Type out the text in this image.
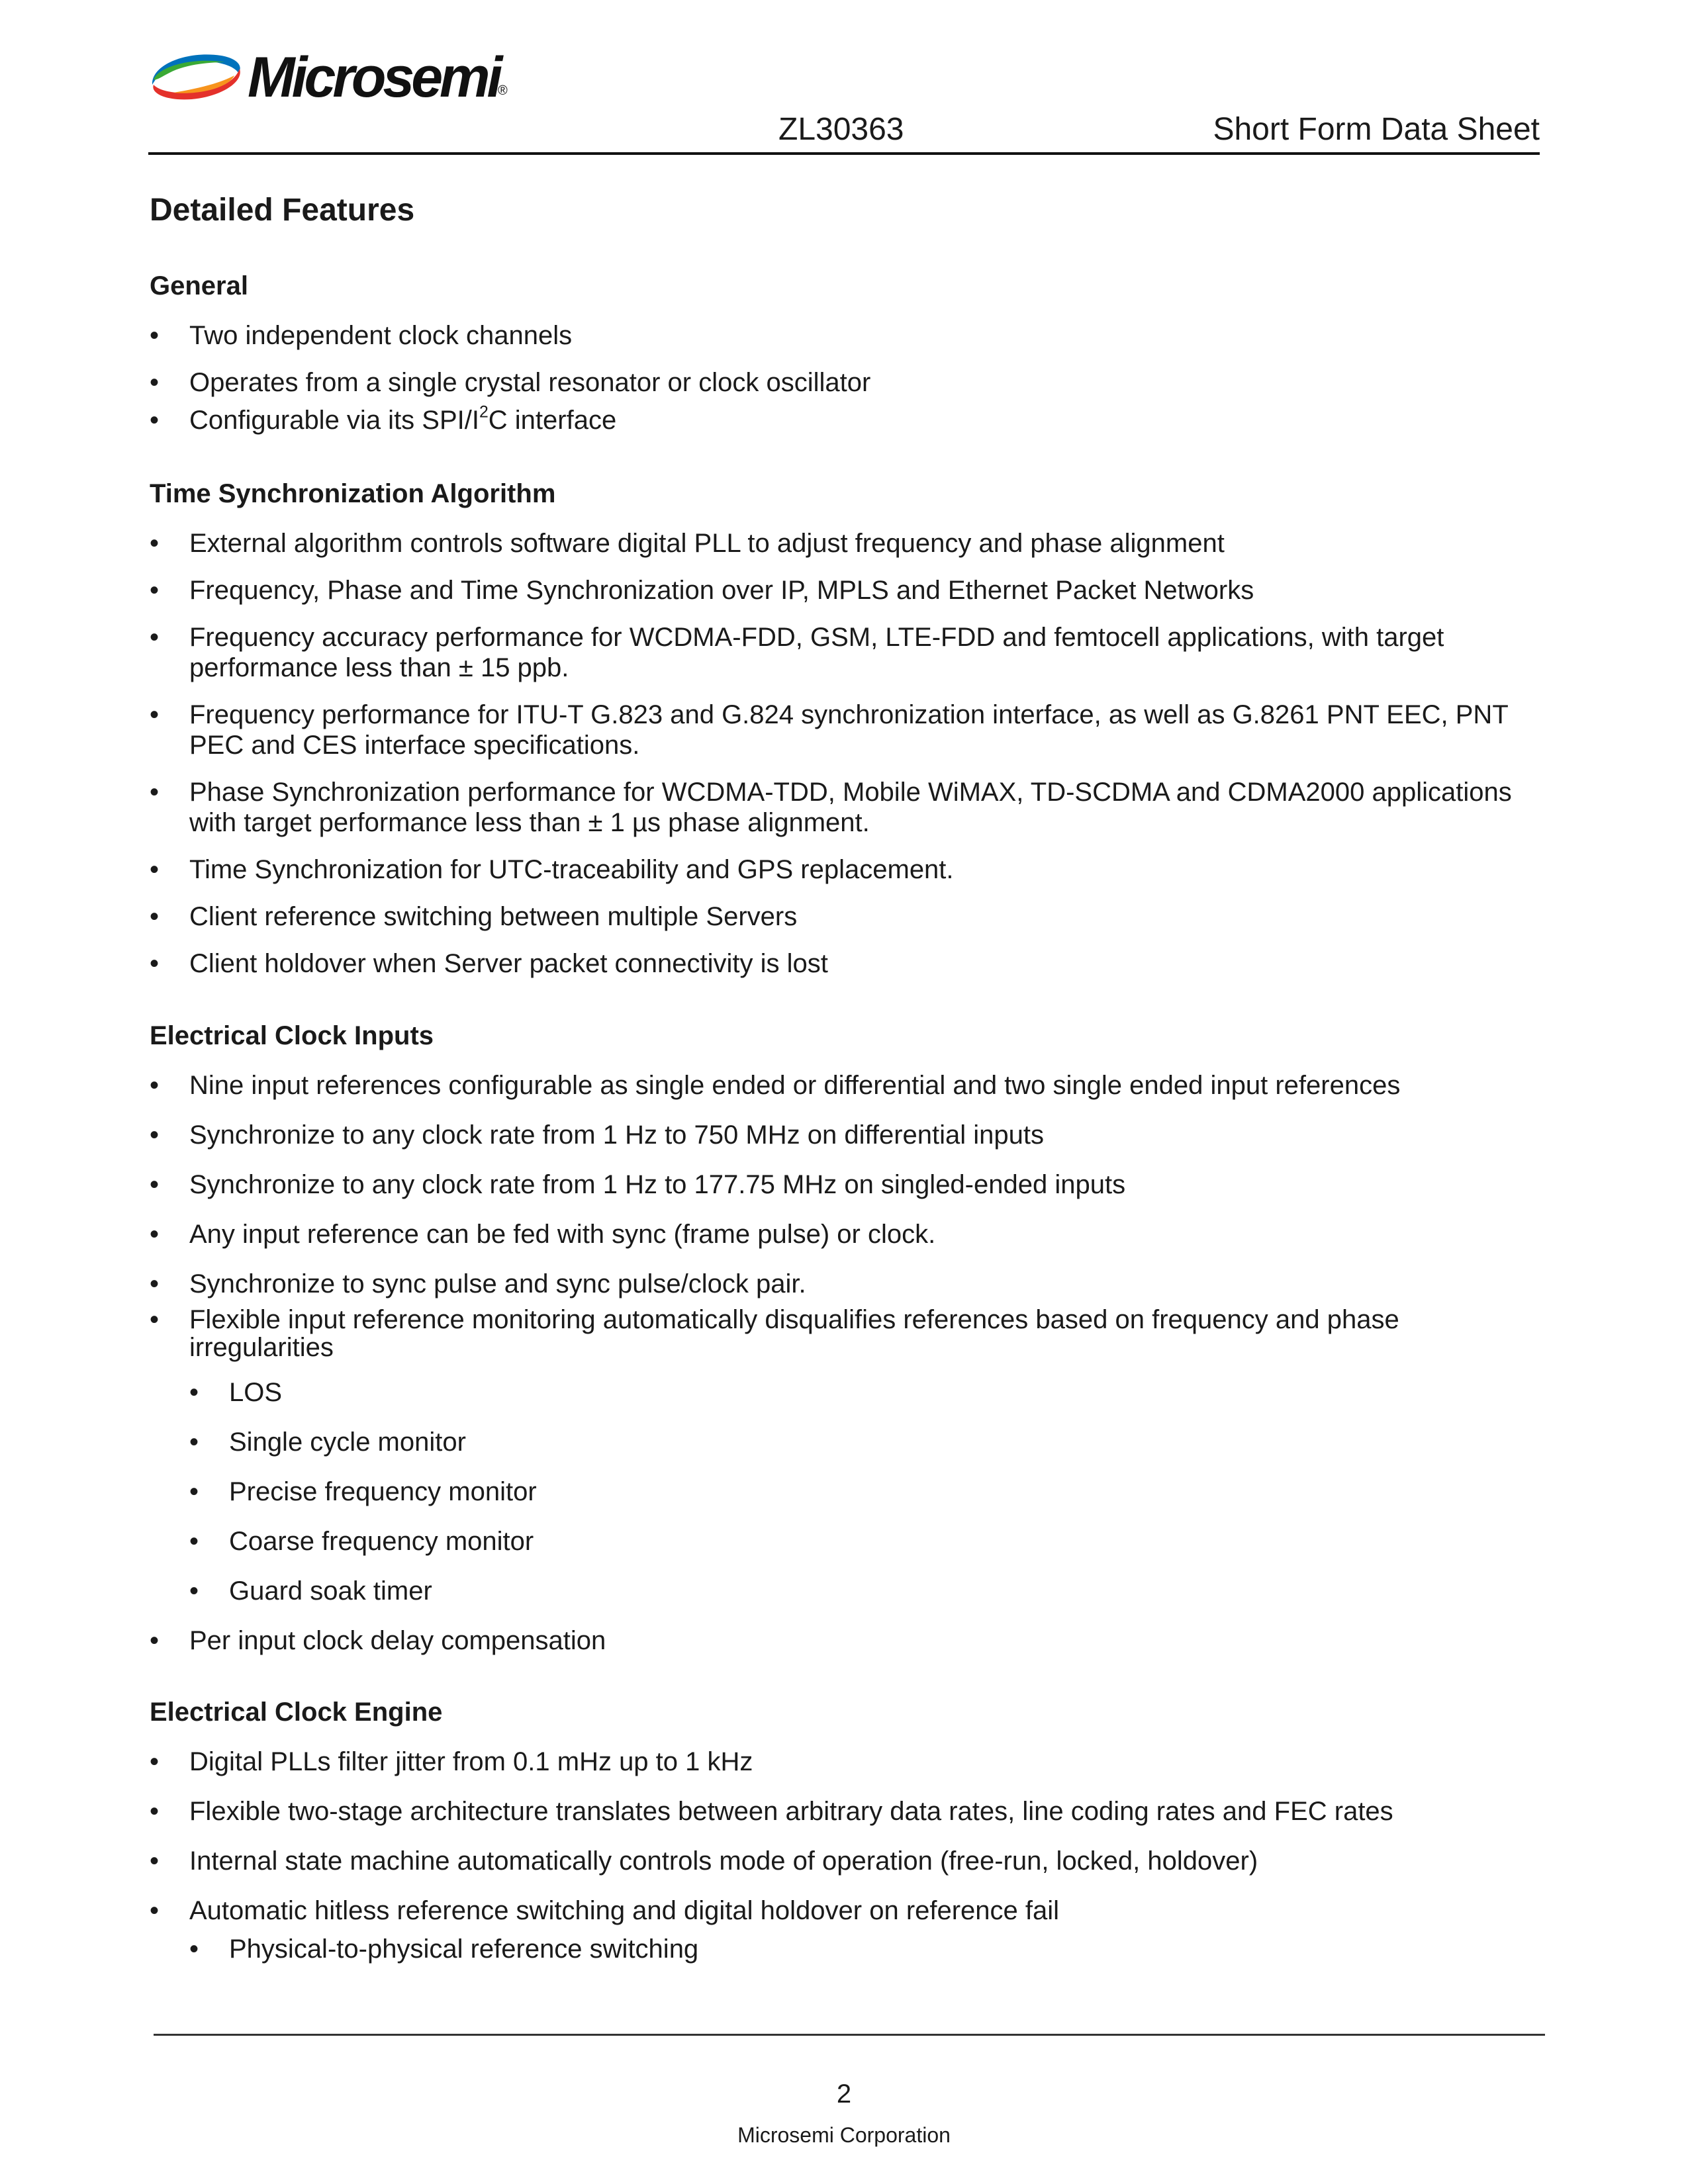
Microsemi
®
ZL30363	Short Form Data Sheet
Detailed Features
General
• Two independent clock channels
• Operates from a single crystal resonator or clock oscillator
• Configurable via its SPI/$I^2C$ interface
Time Synchronization Algorithm
• External algorithm controls software digital PLL to adjust frequency and phase alignment
• Frequency, Phase and Time Synchronization over IP, MPLS and Ethernet Packet Networks
• Frequency accuracy performance for WCDMA-FDD, GSM, LTE-FDD and femtocell applications, with target performance less than ± 15 ppb.
• Frequency performance for ITU-T G.823 and G.824 synchronization interface, as well as G.8261 PNT EEC, PNT PEC and CES interface specifications.
• Phase Synchronization performance for WCDMA-TDD, Mobile WiMAX, TD-SCDMA and CDMA2000 applications with target performance less than ± 1 µs phase alignment.
• Time Synchronization for UTC-traceability and GPS replacement.
• Client reference switching between multiple Servers
• Client holdover when Server packet connectivity is lost
Electrical Clock Inputs
• Nine input references configurable as single ended or differential and two single ended input references
• Synchronize to any clock rate from 1 Hz to 750 MHz on differential inputs
• Synchronize to any clock rate from 1 Hz to 177.75 MHz on singled-ended inputs
• Any input reference can be fed with sync (frame pulse) or clock.
• Synchronize to sync pulse and sync pulse/clock pair.
• Flexible input reference monitoring automatically disqualifies references based on frequency and phase irregularities
• LOS
• Single cycle monitor
• Precise frequency monitor
• Coarse frequency monitor
• Guard soak timer
• Per input clock delay compensation
Electrical Clock Engine
• Digital PLLs filter jitter from 0.1 mHz up to 1 kHz
• Flexible two-stage architecture translates between arbitrary data rates, line coding rates and FEC rates
• Internal state machine automatically controls mode of operation (free-run, locked, holdover)
• Automatic hitless reference switching and digital holdover on reference fail
• Physical-to-physical reference switching
2
Microsemi Corporation
